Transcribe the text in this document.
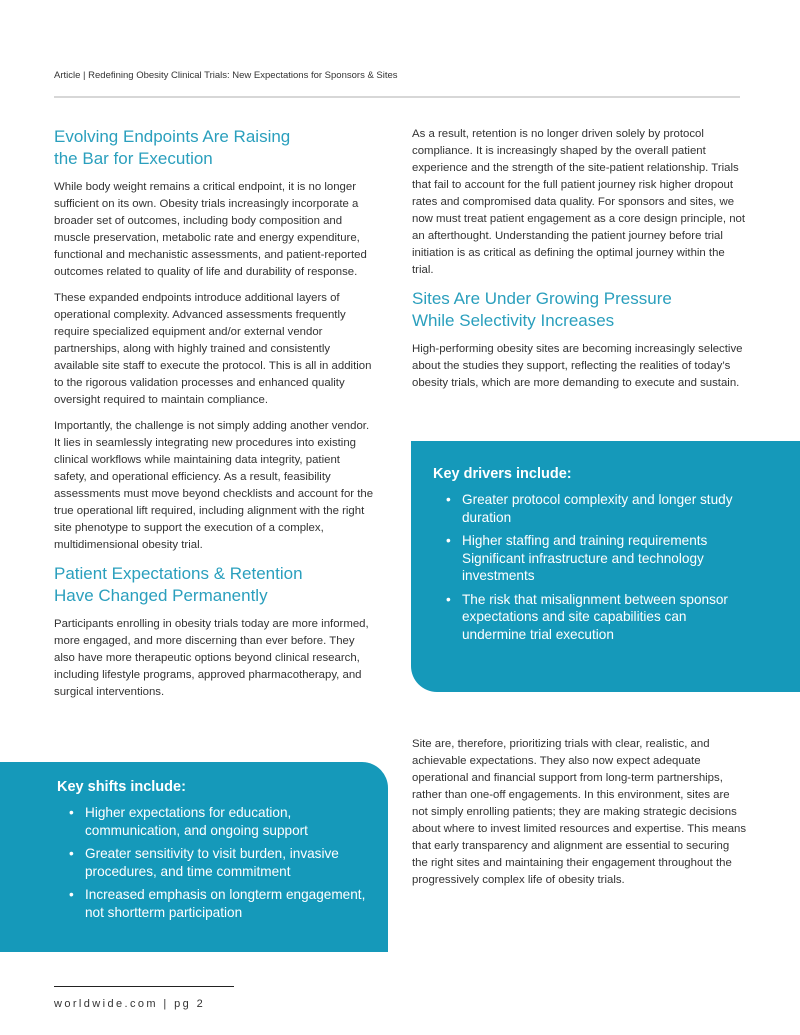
Article | Redefining Obesity Clinical Trials: New Expectations for Sponsors & Sites
Evolving Endpoints Are Raising
the Bar for Execution

While body weight remains a critical endpoint, it is no longer sufficient on its own. Obesity trials increasingly incorporate a broader set of outcomes, including body composition and muscle preservation, metabolic rate and energy expenditure, functional and mechanistic assessments, and patient-reported outcomes related to quality of life and durability of response.

These expanded endpoints introduce additional layers of operational complexity. Advanced assessments frequently require specialized equipment and/or external vendor partnerships, along with highly trained and consistently available site staff to execute the protocol. This is all in addition to the rigorous validation processes and enhanced quality oversight required to maintain compliance.

Importantly, the challenge is not simply adding another vendor. It lies in seamlessly integrating new procedures into existing clinical workflows while maintaining data integrity, patient safety, and operational efficiency. As a result, feasibility assessments must move beyond checklists and account for the true operational lift required, including alignment with the right site phenotype to support the execution of a complex, multidimensional obesity trial.

Patient Expectations & Retention
Have Changed Permanently

Participants enrolling in obesity trials today are more informed, more engaged, and more discerning than ever before. They also have more therapeutic options beyond clinical research, including lifestyle programs, approved pharmacotherapy, and surgical interventions.

As a result, retention is no longer driven solely by protocol compliance. It is increasingly shaped by the overall patient experience and the strength of the site-patient relationship. Trials that fail to account for the full patient journey risk higher dropout rates and compromised data quality. For sponsors and sites, we now must treat patient engagement as a core design principle, not an afterthought. Understanding the patient journey before trial initiation is as critical as defining the optimal journey within the trial.

Sites Are Under Growing Pressure
While Selectivity Increases

High-performing obesity sites are becoming increasingly selective about the studies they support, reflecting the realities of today’s obesity trials, which are more demanding to execute and sustain.

Key drivers include:
• Greater protocol complexity and longer study duration
• Higher staffing and training requirements Significant infrastructure and technology investments
• The risk that misalignment between sponsor expectations and site capabilities can undermine trial execution

Site are, therefore, prioritizing trials with clear, realistic, and achievable expectations. They also now expect adequate operational and financial support from long-term partnerships, rather than one-off engagements. In this environment, sites are not simply enrolling patients; they are making strategic decisions about where to invest limited resources and expertise. This means that early transparency and alignment are essential to securing the right sites and maintaining their engagement throughout the progressively complex life of obesity trials.

Key shifts include:
• Higher expectations for education, communication, and ongoing support
• Greater sensitivity to visit burden, invasive procedures, and time commitment
• Increased emphasis on longterm engagement, not shortterm participation
worldwide.com | pg 2
